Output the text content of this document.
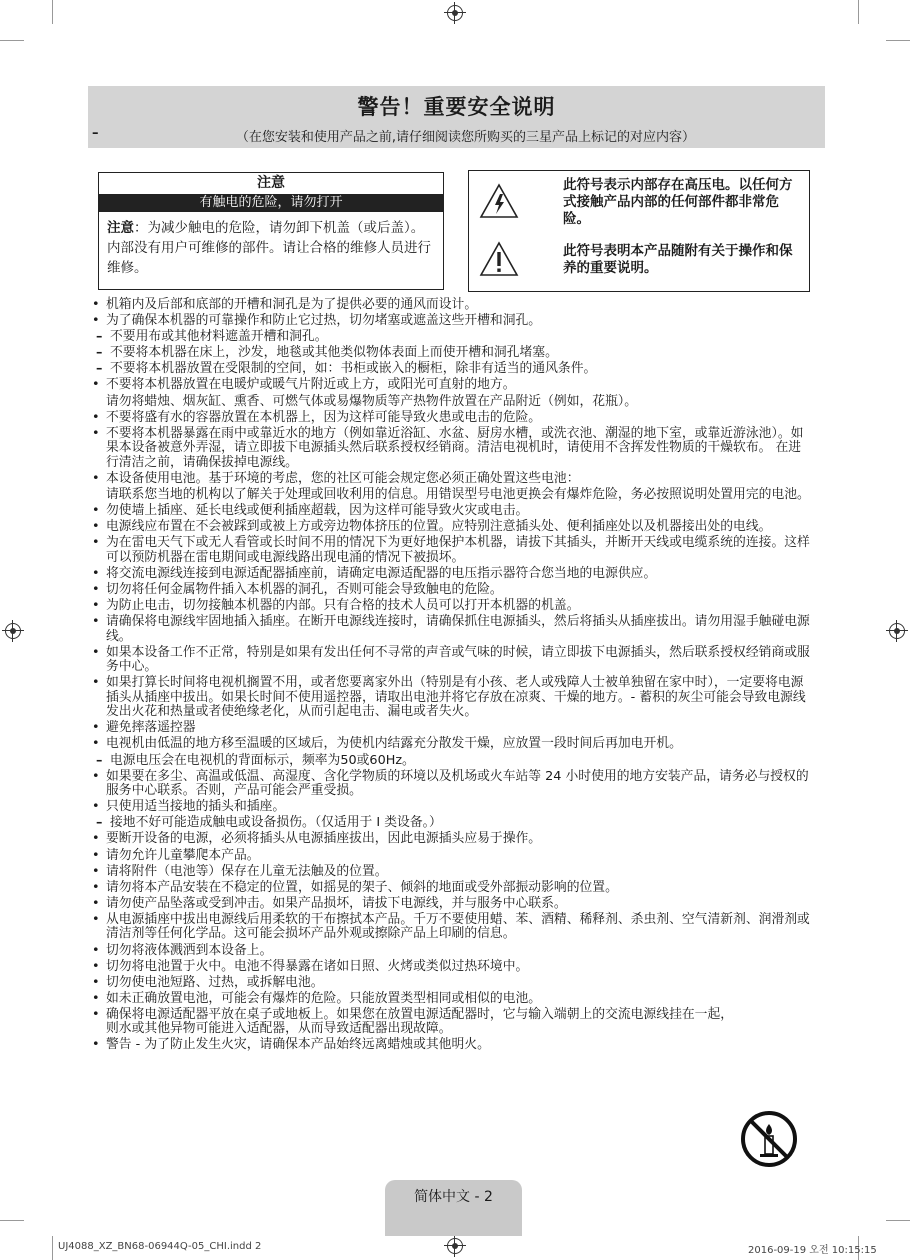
警告！重要安全说明
– （在您安装和使用产品之前,请仔细阅读您所购买的三星产品上标记的对应内容）
注意
有触电的危险，请勿打开
注意：为减少触电的危险，请勿卸下机盖（或后盖）。内部没有用户可维修的部件。请让合格的维修人员进行维修。
此符号表示内部存在高压电。以任何方式接触产品内部的任何部件都非常危险。
此符号表明本产品随附有关于操作和保养的重要说明。
• 机箱内及后部和底部的开槽和洞孔是为了提供必要的通风而设计。
• 为了确保本机器的可靠操作和防止它过热，切勿堵塞或遮盖这些开槽和洞孔。
– 不要用布或其他材料遮盖开槽和洞孔。
– 不要将本机器在床上，沙发，地毯或其他类似物体表面上而使开槽和洞孔堵塞。
– 不要将本机器放置在受限制的空间，如：书柜或嵌入的橱柜，除非有适当的通风条件。
• 不要将本机器放置在电暖炉或暖气片附近或上方，或阳光可直射的地方。
请勿将蜡烛、烟灰缸、熏香、可燃气体或易爆物质等产热物件放置在产品附近（例如，花瓶）。
• 不要将盛有水的容器放置在本机器上，因为这样可能导致火患或电击的危险。
• 不要将本机器暴露在雨中或靠近水的地方（例如靠近浴缸、水盆、厨房水槽，或洗衣池、潮湿的地下室，或靠近游泳池）。如果本设备被意外弄湿，请立即拔下电源插头然后联系授权经销商。清洁电视机时，请使用不含挥发性物质的干燥软布。 在进行清洁之前，请确保拔掉电源线。
• 本设备使用电池。基于环境的考虑，您的社区可能会规定您必须正确处置这些电池：
请联系您当地的机构以了解关于处理或回收利用的信息。用错误型号电池更换会有爆炸危险，务必按照说明处置用完的电池。
• 勿使墙上插座、延长电线或便利插座超载，因为这样可能导致火灾或电击。
• 电源线应布置在不会被踩到或被上方或旁边物体挤压的位置。应特别注意插头处、便利插座处以及机器接出处的电线。
• 为在雷电天气下或无人看管或长时间不用的情况下为更好地保护本机器，请拔下其插头，并断开天线或电缆系统的连接。这样可以预防机器在雷电期间或电源线路出现电涌的情况下被损坏。
• 将交流电源线连接到电源适配器插座前，请确定电源适配器的电压指示器符合您当地的电源供应。
• 切勿将任何金属物件插入本机器的洞孔，否则可能会导致触电的危险。
• 为防止电击，切勿接触本机器的内部。只有合格的技术人员可以打开本机器的机盖。
• 请确保将电源线牢固地插入插座。在断开电源线连接时，请确保抓住电源插头，然后将插头从插座拔出。请勿用湿手触碰电源线。
• 如果本设备工作不正常，特别是如果有发出任何不寻常的声音或气味的时候，请立即拔下电源插头，然后联系授权经销商或服务中心。
• 如果打算长时间将电视机搁置不用，或者您要离家外出（特别是有小孩、老人或残障人士被单独留在家中时），一定要将电源插头从插座中拔出。如果长时间不使用遥控器，请取出电池并将它存放在凉爽、干燥的地方。- 蓄积的灰尘可能会导致电源线发出火花和热量或者使绝缘老化，从而引起电击、漏电或者失火。
• 避免摔落遥控器
• 电视机由低温的地方移至温暖的区域后，为使机内结露充分散发干燥，应放置一段时间后再加电开机。
– 电源电压会在电视机的背面标示，频率为50或60Hz。
• 如果要在多尘、高温或低温、高湿度、含化学物质的环境以及机场或火车站等 24 小时使用的地方安装产品，请务必与授权的服务中心联系。否则，产品可能会严重受损。
• 只使用适当接地的插头和插座。
– 接地不好可能造成触电或设备损伤。（仅适用于 Ⅰ 类设备。）
• 要断开设备的电源，必须将插头从电源插座拔出，因此电源插头应易于操作。
• 请勿允许儿童攀爬本产品。
• 请将附件（电池等）保存在儿童无法触及的位置。
• 请勿将本产品安装在不稳定的位置，如摇晃的架子、倾斜的地面或受外部振动影响的位置。
• 请勿使产品坠落或受到冲击。如果产品损坏，请拔下电源线，并与服务中心联系。
• 从电源插座中拔出电源线后用柔软的干布擦拭本产品。千万不要使用蜡、苯、酒精、稀释剂、杀虫剂、空气清新剂、润滑剂或清洁剂等任何化学品。这可能会损坏产品外观或擦除产品上印刷的信息。
• 切勿将液体溅洒到本设备上。
• 切勿将电池置于火中。电池不得暴露在诸如日照、火烤或类似过热环境中。
• 切勿使电池短路、过热，或拆解电池。
• 如未正确放置电池，可能会有爆炸的危险。只能放置类型相同或相似的电池。
• 确保将电源适配器平放在桌子或地板上。如果您在放置电源适配器时，它与输入端朝上的交流电源线挂在一起，则水或其他异物可能进入适配器，从而导致适配器出现故障。
• 警告 - 为了防止发生火灾，请确保本产品始终远离蜡烛或其他明火。
简体中文 - 2
UJ4088_XZ_BN68-06944Q-05_CHI.indd 2	2016-09-19 오전 10:15:15
